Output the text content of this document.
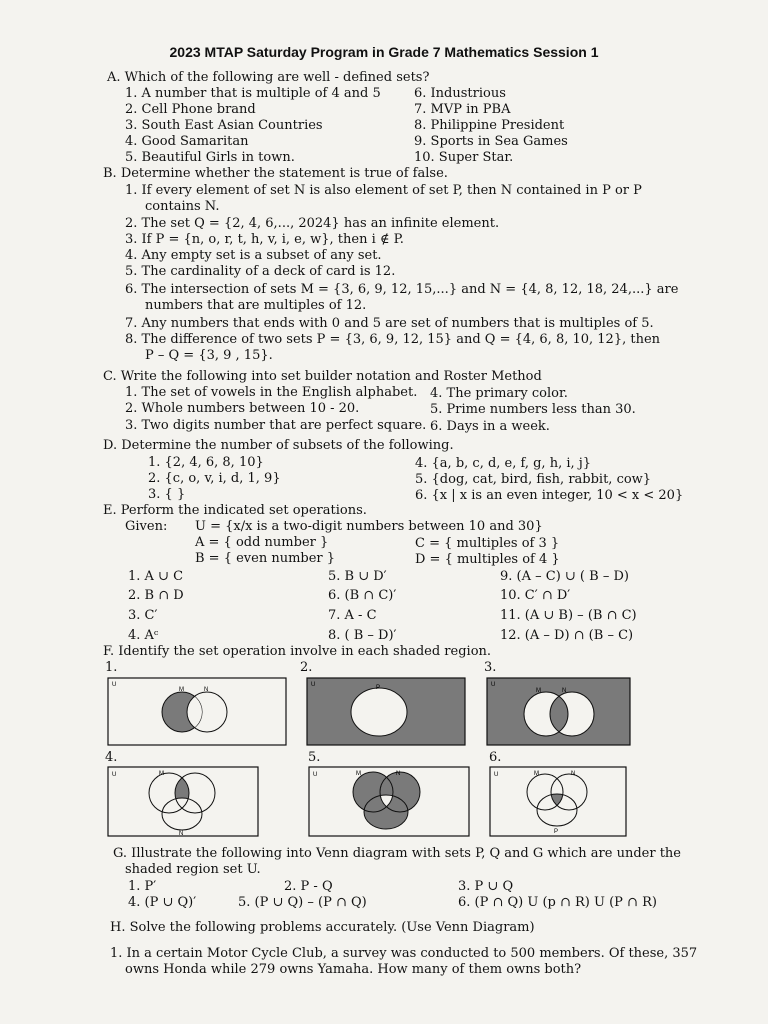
2023 MTAP Saturday Program in Grade 7 Mathematics Session 1
A. Which of the following are well - defined sets?
1. A number that is multiple of 4 and 5
2. Cell Phone brand
3. South East Asian Countries
4. Good Samaritan
5. Beautiful Girls in town.
6. Industrious
7. MVP in PBA
8. Philippine President
9. Sports in Sea Games
10. Super Star.
B. Determine whether the statement is true of false.
1. If every element of set N is also element of set P, then N contained in P or P
contains N.
2. The set Q = {2, 4, 6,..., 2024} has an infinite element.
3. If P = {n, o, r, t, h, v, i, e, w}, then i ∉ P.
4. Any empty set is a subset of any set.
5. The cardinality of a deck of card is 12.
6. The intersection of sets M = {3, 6, 9, 12, 15,...} and N = {4, 8, 12, 18, 24,...} are
numbers that are multiples of 12.
7. Any numbers that ends with 0 and 5 are set of numbers that is multiples of 5.
8. The difference of two sets P = {3, 6, 9, 12, 15} and Q = {4, 6, 8, 10, 12}, then
P – Q = {3, 9 , 15}.
C. Write the following into set builder notation and Roster Method
1. The set of vowels in the English alphabet.
2. Whole numbers between 10 - 20.
3. Two digits number that are perfect square.
4. The primary color.
5. Prime numbers less than 30.
6. Days in a week.
D. Determine the number of subsets of the following.
1. {2, 4, 6, 8, 10}
2. {c, o, v, i, d, 1, 9}
3. { }
4. {a, b, c, d, e, f, g, h, i, j}
5. {dog, cat, bird, fish, rabbit, cow}
6. {x | x is an even integer, 10 < x < 20}
E. Perform the indicated set operations.
Given: U = {x/x is a two-digit numbers between 10 and 30}
A = { odd number }
B = { even number }
C = { multiples of 3 }
D = { multiples of 4 }
1. A ∪ C	5. B ∪ D′	9. (A – C) ∪ ( B – D)
2. B ∩ D	6. (B ∩ C)′	10. C′ ∩ D′
3. C′	7. A - C	11. (A ∪ B) – (B ∩ C)
4. Aᶜ	8. ( B – D)′	12. (A – D) ∩ (B – C)
F. Identify the set operation involve in each shaded region.
1.	2.	3.
4.	5.	6.
U
M	N
U	P	U
M	N
U	M
N
U	M	N	U	M	N
P
G. Illustrate the following into Venn diagram with sets P, Q and G which are under the
shaded region set U.
1. P′	2. P - Q	3. P ∪ Q
4. (P ∪ Q)′	5. (P ∪ Q) – (P ∩ Q)	6. (P ∩ Q) U (p ∩ R) U (P ∩ R)
H. Solve the following problems accurately. (Use Venn Diagram)
1. In a certain Motor Cycle Club, a survey was conducted to 500 members. Of these, 357
owns Honda while 279 owns Yamaha. How many of them owns both?
